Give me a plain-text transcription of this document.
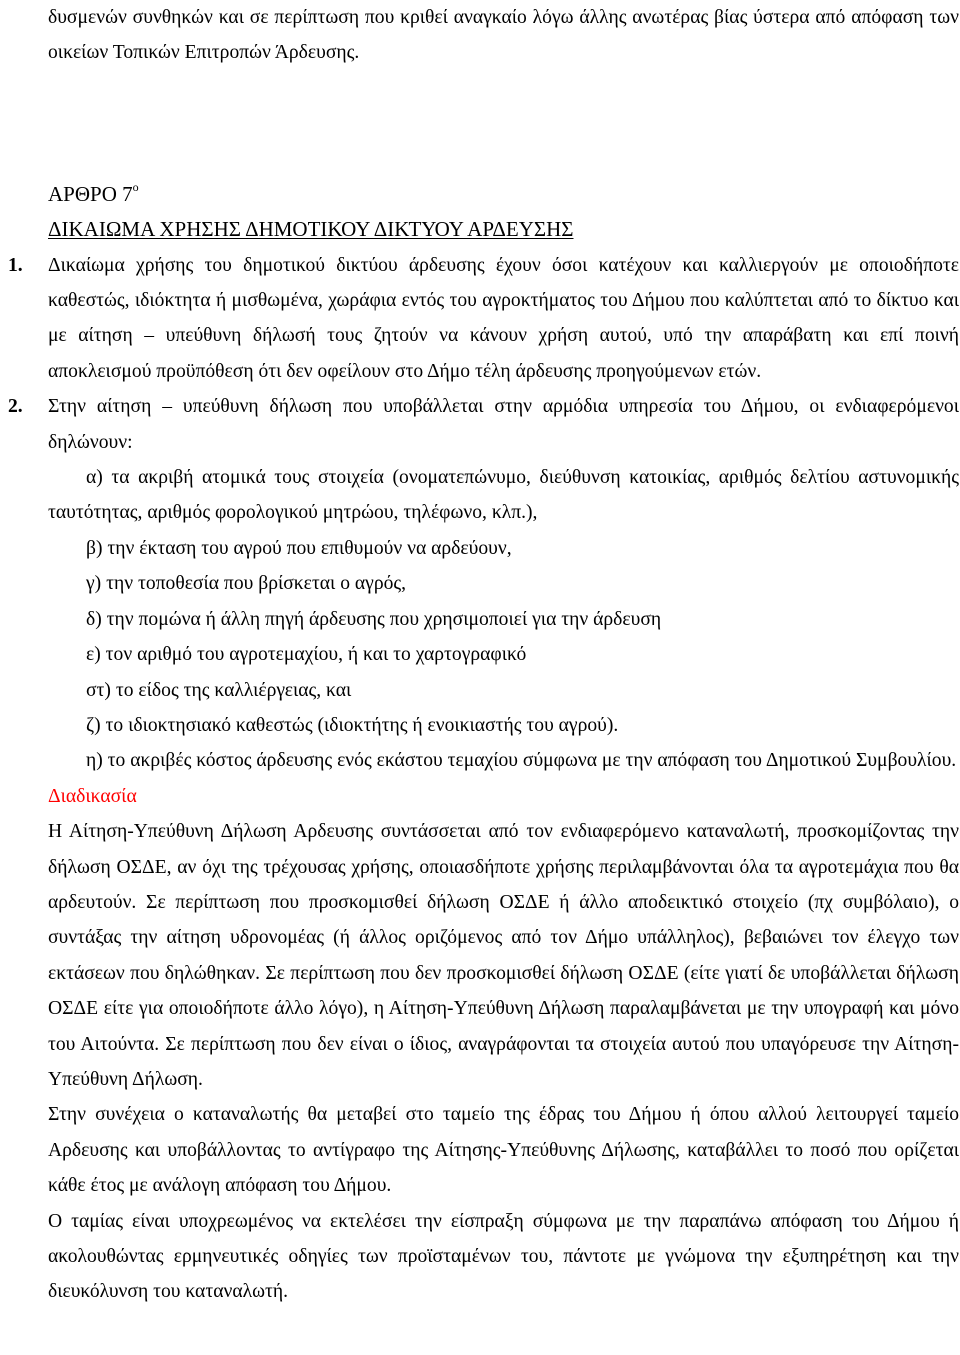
δυσμενών συνθηκών και σε περίπτωση που κριθεί αναγκαίο λόγω άλλης ανωτέρας βίας ύστερα από απόφαση των οικείων Τοπικών Επιτροπών Άρδευσης.

ΑΡΘΡΟ $7^o$

ΔΙΚΑΙΩΜΑ ΧΡΗΣΗΣ ΔΗΜΟΤΙΚΟΥ ΔΙΚΤΥΟΥ ΑΡΔΕΥΣΗΣ

1. Δικαίωμα χρήσης του δημοτικού δικτύου άρδευσης έχουν όσοι κατέχουν και καλλιεργούν με οποιοδήποτε καθεστώς, ιδιόκτητα ή μισθωμένα, χωράφια εντός του αγροκτήματος του Δήμου που καλύπτεται από το δίκτυο και με αίτηση – υπεύθυνη δήλωσή τους ζητούν να κάνουν χρήση αυτού, υπό την απαράβατη και επί ποινή αποκλεισμού προϋπόθεση ότι δεν οφείλουν στο Δήμο τέλη άρδευσης προηγούμενων ετών.

2. Στην αίτηση – υπεύθυνη δήλωση που υποβάλλεται στην αρμόδια υπηρεσία του Δήμου, οι ενδιαφερόμενοι δηλώνουν:

α) τα ακριβή ατομικά τους στοιχεία (ονοματεπώνυμο, διεύθυνση κατοικίας, αριθμός δελτίου αστυνομικής ταυτότητας, αριθμός φορολογικού μητρώου, τηλέφωνο, κλπ.),

β) την έκταση του αγρού που επιθυμούν να αρδεύουν,

γ) την τοποθεσία που βρίσκεται ο αγρός,

δ) την πομώνα ή άλλη πηγή άρδευσης που χρησιμοποιεί για την άρδευση

ε) τον αριθμό του αγροτεμαχίου, ή και το χαρτογραφικό

στ) το είδος της καλλιέργειας, και

ζ) το ιδιοκτησιακό καθεστώς (ιδιοκτήτης ή ενοικιαστής του αγρού).

η) το ακριβές κόστος άρδευσης ενός εκάστου τεμαχίου σύμφωνα με την απόφαση του Δημοτικού Συμβουλίου.

Διαδικασία

Η Αίτηση-Υπεύθυνη Δήλωση Αρδευσης συντάσσεται από τον ενδιαφερόμενο καταναλωτή, προσκομίζοντας την δήλωση ΟΣΔΕ, αν όχι της τρέχουσας χρήσης, οποιασδήποτε χρήσης περιλαμβάνονται όλα τα αγροτεμάχια που θα αρδευτούν. Σε περίπτωση που προσκομισθεί δήλωση ΟΣΔΕ ή άλλο αποδεικτικό στοιχείο (πχ συμβόλαιο), ο συντάξας την αίτηση υδρονομέας (ή άλλος οριζόμενος από τον Δήμο υπάλληλος), βεβαιώνει τον έλεγχο των εκτάσεων που δηλώθηκαν. Σε περίπτωση που δεν προσκομισθεί δήλωση ΟΣΔΕ (είτε γιατί δε υποβάλλεται δήλωση ΟΣΔΕ είτε για οποιοδήποτε άλλο λόγο), η Αίτηση-Υπεύθυνη Δήλωση παραλαμβάνεται με την υπογραφή και μόνο του Αιτούντα. Σε περίπτωση που δεν είναι ο ίδιος, αναγράφονται τα στοιχεία αυτού που υπαγόρευσε την Αίτηση-Υπεύθυνη Δήλωση.

Στην συνέχεια ο καταναλωτής θα μεταβεί στο ταμείο της έδρας του Δήμου ή όπου αλλού λειτουργεί ταμείο Αρδευσης και υποβάλλοντας το αντίγραφο της Αίτησης-Υπεύθυνης Δήλωσης, καταβάλλει το ποσό που ορίζεται κάθε έτος με ανάλογη απόφαση του Δήμου.

Ο ταμίας είναι υποχρεωμένος να εκτελέσει την είσπραξη σύμφωνα με την παραπάνω απόφαση του Δήμου ή ακολουθώντας ερμηνευτικές οδηγίες των προϊσταμένων του, πάντοτε με γνώμονα την εξυπηρέτηση και την διευκόλυνση του καταναλωτή.
